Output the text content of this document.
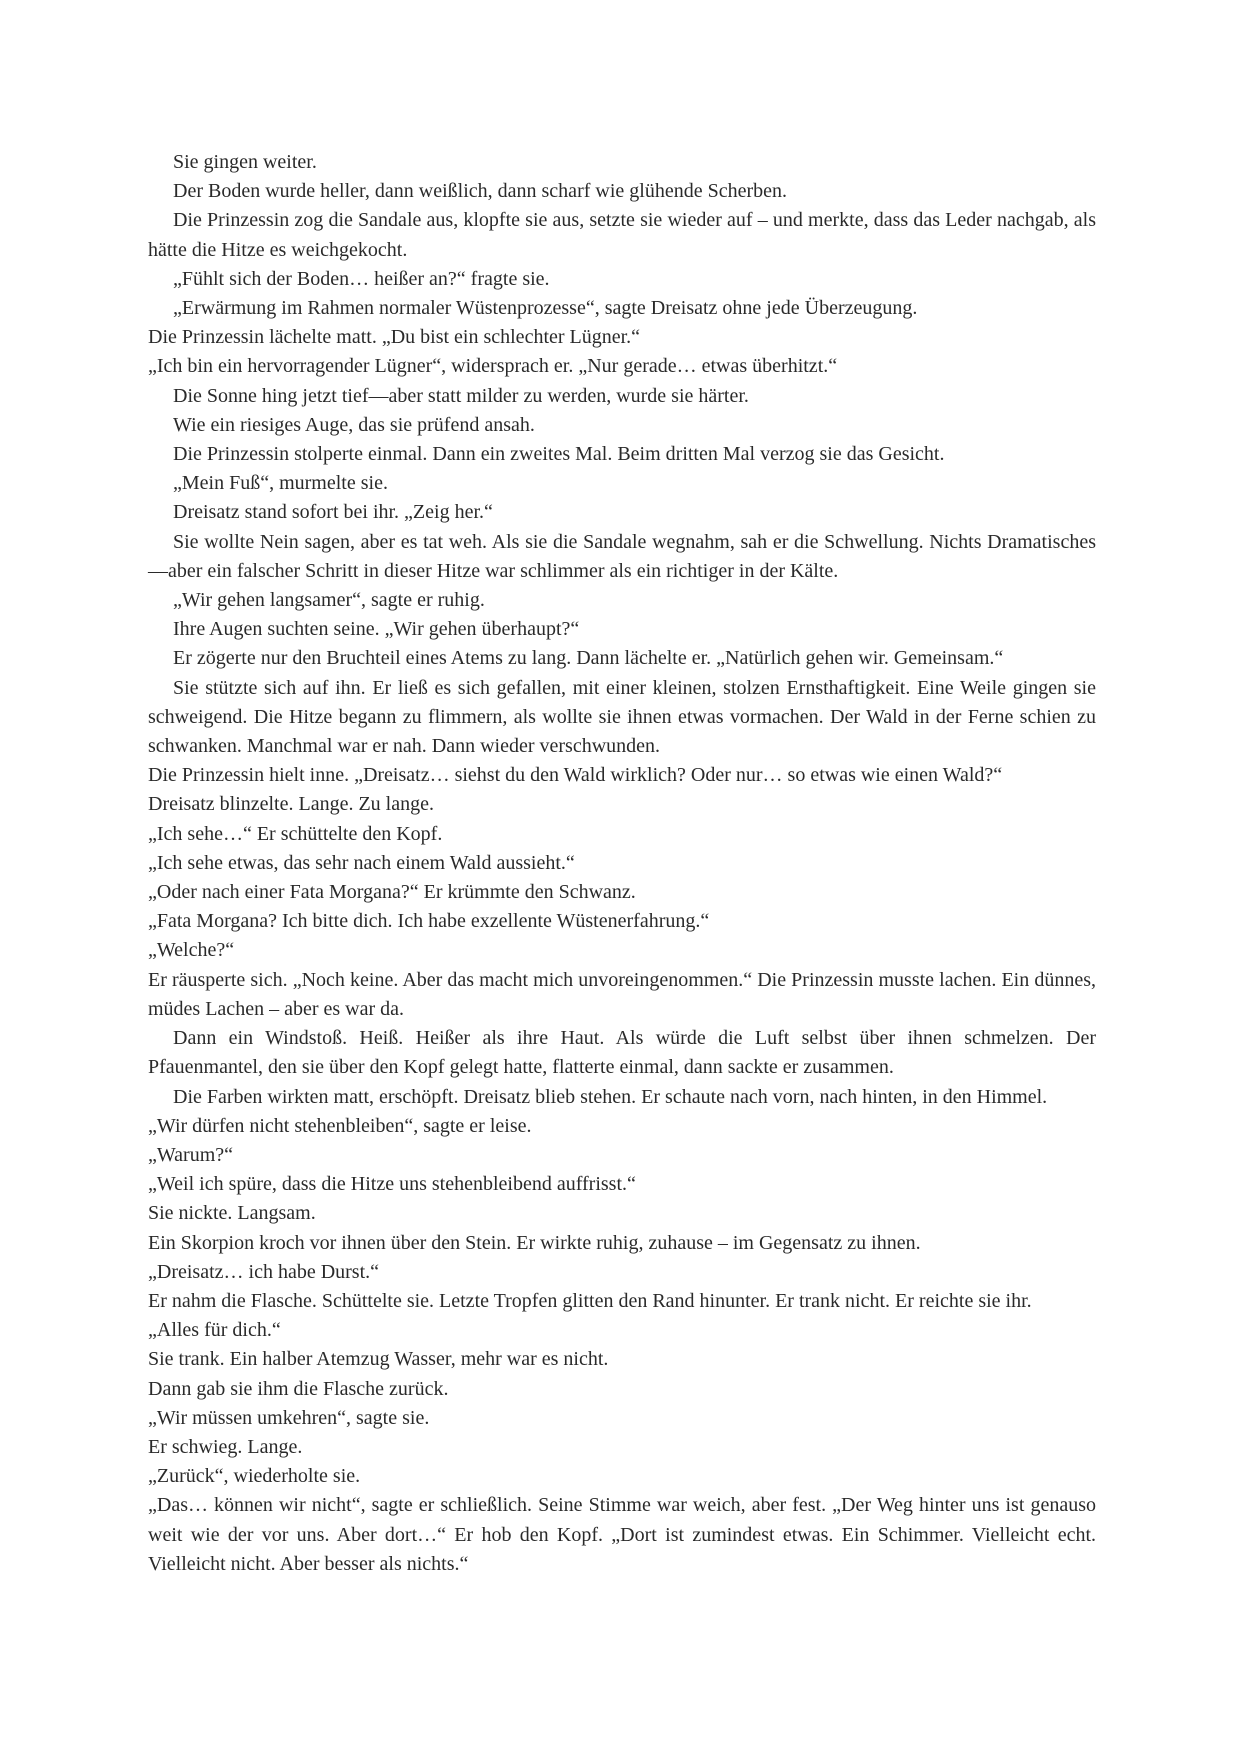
Sie gingen weiter.

Der Boden wurde heller, dann weißlich, dann scharf wie glühende Scherben.

Die Prinzessin zog die Sandale aus, klopfte sie aus, setzte sie wieder auf – und merkte, dass das Leder nachgab, als hätte die Hitze es weichgekocht.

„Fühlt sich der Boden… heißer an?“ fragte sie.

„Erwärmung im Rahmen normaler Wüstenprozesse“, sagte Dreisatz ohne jede Überzeugung.

Die Prinzessin lächelte matt. „Du bist ein schlechter Lügner.“

„Ich bin ein hervorragender Lügner“, widersprach er. „Nur gerade… etwas überhitzt.“

Die Sonne hing jetzt tief—aber statt milder zu werden, wurde sie härter.

Wie ein riesiges Auge, das sie prüfend ansah.

Die Prinzessin stolperte einmal. Dann ein zweites Mal. Beim dritten Mal verzog sie das Gesicht.

„Mein Fuß“, murmelte sie.

Dreisatz stand sofort bei ihr. „Zeig her.“

Sie wollte Nein sagen, aber es tat weh. Als sie die Sandale wegnahm, sah er die Schwellung. Nichts Dramatisches—aber ein falscher Schritt in dieser Hitze war schlimmer als ein richtiger in der Kälte.

„Wir gehen langsamer“, sagte er ruhig.

Ihre Augen suchten seine. „Wir gehen überhaupt?“

Er zögerte nur den Bruchteil eines Atems zu lang. Dann lächelte er. „Natürlich gehen wir. Gemeinsam.“

Sie stützte sich auf ihn. Er ließ es sich gefallen, mit einer kleinen, stolzen Ernsthaftigkeit. Eine Weile gingen sie schweigend. Die Hitze begann zu flimmern, als wollte sie ihnen etwas vormachen. Der Wald in der Ferne schien zu schwanken. Manchmal war er nah. Dann wieder verschwunden.

Die Prinzessin hielt inne. „Dreisatz… siehst du den Wald wirklich? Oder nur… so etwas wie einen Wald?“

Dreisatz blinzelte. Lange. Zu lange.

„Ich sehe…“ Er schüttelte den Kopf.

„Ich sehe etwas, das sehr nach einem Wald aussieht.“

„Oder nach einer Fata Morgana?“ Er krümmte den Schwanz.

„Fata Morgana? Ich bitte dich. Ich habe exzellente Wüstenerfahrung.“

„Welche?“

Er räusperte sich. „Noch keine. Aber das macht mich unvoreingenommen.“ Die Prinzessin musste lachen. Ein dünnes, müdes Lachen – aber es war da.

Dann ein Windstoß. Heiß. Heißer als ihre Haut. Als würde die Luft selbst über ihnen schmelzen. Der Pfauenmantel, den sie über den Kopf gelegt hatte, flatterte einmal, dann sackte er zusammen.

Die Farben wirkten matt, erschöpft. Dreisatz blieb stehen. Er schaute nach vorn, nach hinten, in den Himmel.

„Wir dürfen nicht stehenbleiben“, sagte er leise.

„Warum?“

„Weil ich spüre, dass die Hitze uns stehenbleibend auffrisst.“

Sie nickte. Langsam.

Ein Skorpion kroch vor ihnen über den Stein. Er wirkte ruhig, zuhause – im Gegensatz zu ihnen.

„Dreisatz… ich habe Durst.“

Er nahm die Flasche. Schüttelte sie. Letzte Tropfen glitten den Rand hinunter. Er trank nicht. Er reichte sie ihr.

„Alles für dich.“

Sie trank. Ein halber Atemzug Wasser, mehr war es nicht.

Dann gab sie ihm die Flasche zurück.

„Wir müssen umkehren“, sagte sie.

Er schwieg. Lange.

„Zurück“, wiederholte sie.

„Das… können wir nicht“, sagte er schließlich. Seine Stimme war weich, aber fest. „Der Weg hinter uns ist genauso weit wie der vor uns. Aber dort…“ Er hob den Kopf. „Dort ist zumindest etwas. Ein Schimmer. Vielleicht echt. Vielleicht nicht. Aber besser als nichts.“
